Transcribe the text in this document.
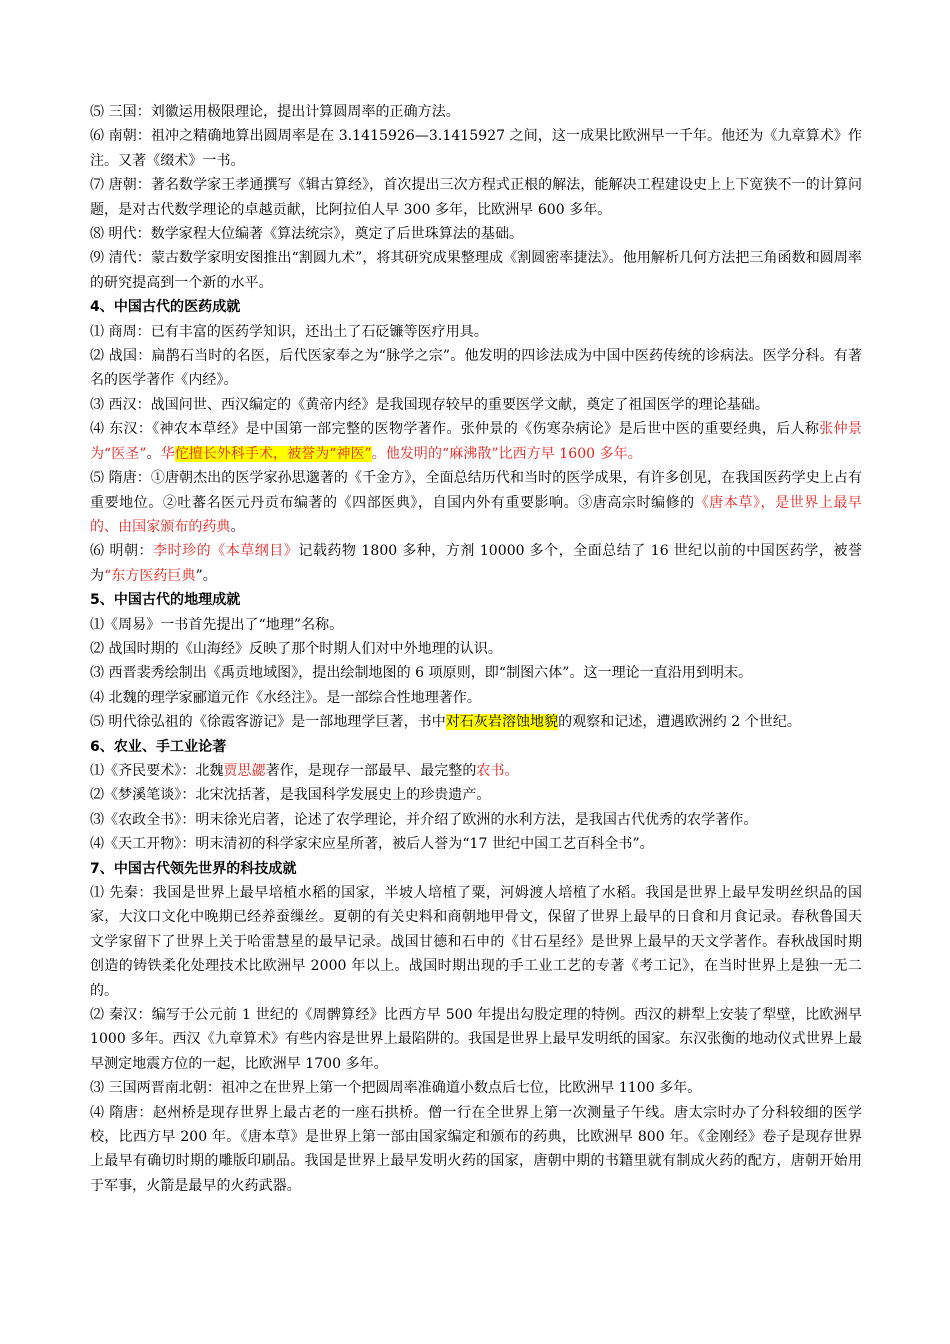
⑸ 三国：刘徽运用极限理论，提出计算圆周率的正确方法。
⑹ 南朝：祖冲之精确地算出圆周率是在 3.1415926—3.1415927 之间，这一成果比欧洲早一千年。他还为《九章算术》作注。又著《缀术》一书。
⑺ 唐朝：著名数学家王孝通撰写《辑古算经》，首次提出三次方程式正根的解法，能解决工程建设史上上下宽狭不一的计算问题，是对古代数学理论的卓越贡献，比阿拉伯人早 300 多年，比欧洲早 600 多年。
⑻ 明代：数学家程大位编著《算法统宗》，奠定了后世珠算法的基础。
⑼ 清代：蒙古数学家明安图推出“割圆九术”，将其研究成果整理成《割圆密率捷法》。他用解析几何方法把三角函数和圆周率的研究提高到一个新的水平。
4、中国古代的医药成就
⑴ 商周：已有丰富的医药学知识，还出土了石砭镰等医疗用具。
⑵ 战国：扁鹊石当时的名医，后代医家奉之为“脉学之宗”。他发明的四诊法成为中国中医药传统的诊病法。医学分科。有著名的医学著作《内经》。
⑶ 西汉：战国问世、西汉编定的《黄帝内经》是我国现存较早的重要医学文献，奠定了祖国医学的理论基础。
⑷ 东汉：《神农本草经》是中国第一部完整的医物学著作。张仲景的《伤寒杂病论》是后世中医的重要经典，后人称张仲景为“医圣”。华佗擅长外科手术，被誉为“神医”。他发明的“麻沸散”比西方早 1600 多年。
⑸ 隋唐：①唐朝杰出的医学家孙思邈著的《千金方》，全面总结历代和当时的医学成果，有许多创见，在我国医药学史上占有重要地位。②吐蕃名医元丹贡布编著的《四部医典》，自国内外有重要影响。③唐高宗时编修的《唐本草》，是世界上最早的、由国家颁布的药典。
⑹ 明朝：李时珍的《本草纲目》记载药物 1800 多种，方剂 10000 多个，全面总结了 16 世纪以前的中国医药学，被誉为“东方医药巨典”。
5、中国古代的地理成就
⑴《周易》一书首先提出了“地理”名称。
⑵ 战国时期的《山海经》反映了那个时期人们对中外地理的认识。
⑶ 西晋裴秀绘制出《禹贡地域图》，提出绘制地图的 6 项原则，即“制图六体”。这一理论一直沿用到明末。
⑷ 北魏的理学家郦道元作《水经注》。是一部综合性地理著作。
⑸ 明代徐弘祖的《徐霞客游记》是一部地理学巨著，书中对石灰岩溶蚀地貌的观察和记述，遭遇欧洲约 2 个世纪。
6、农业、手工业论著
⑴《齐民要术》：北魏贾思勰著作，是现存一部最早、最完整的农书。
⑵《梦溪笔谈》：北宋沈括著，是我国科学发展史上的珍贵遗产。
⑶《农政全书》：明末徐光启著，论述了农学理论，并介绍了欧洲的水利方法，是我国古代优秀的农学著作。
⑷《天工开物》：明末清初的科学家宋应星所著，被后人誉为“17 世纪中国工艺百科全书”。
7、中国古代领先世界的科技成就
⑴ 先秦：我国是世界上最早培植水稻的国家，半坡人培植了粟，河姆渡人培植了水稻。我国是世界上最早发明丝织品的国家，大汶口文化中晚期已经养蚕缫丝。夏朝的有关史料和商朝地甲骨文，保留了世界上最早的日食和月食记录。春秋鲁国天文学家留下了世界上关于哈雷慧星的最早记录。战国甘德和石申的《甘石星经》是世界上最早的天文学著作。春秋战国时期创造的铸铁柔化处理技术比欧洲早 2000 年以上。战国时期出现的手工业工艺的专著《考工记》，在当时世界上是独一无二的。
⑵ 秦汉：编写于公元前 1 世纪的《周髀算经》比西方早 500 年提出勾股定理的特例。西汉的耕犁上安装了犁壁，比欧洲早 1000 多年。西汉《九章算术》有些内容是世界上最陷阱的。我国是世界上最早发明纸的国家。东汉张衡的地动仪式世界上最早测定地震方位的一起，比欧洲早 1700 多年。
⑶ 三国两晋南北朝：祖冲之在世界上第一个把圆周率准确道小数点后七位，比欧洲早 1100 多年。
⑷ 隋唐：赵州桥是现存世界上最古老的一座石拱桥。僧一行在全世界上第一次测量子午线。唐太宗时办了分科较细的医学校，比西方早 200 年。《唐本草》是世界上第一部由国家编定和颁布的药典，比欧洲早 800 年。《金刚经》卷子是现存世界上最早有确切时期的雕版印刷品。我国是世界上最早发明火药的国家，唐朝中期的书籍里就有制成火药的配方，唐朝开始用于军事，火箭是最早的火药武器。
